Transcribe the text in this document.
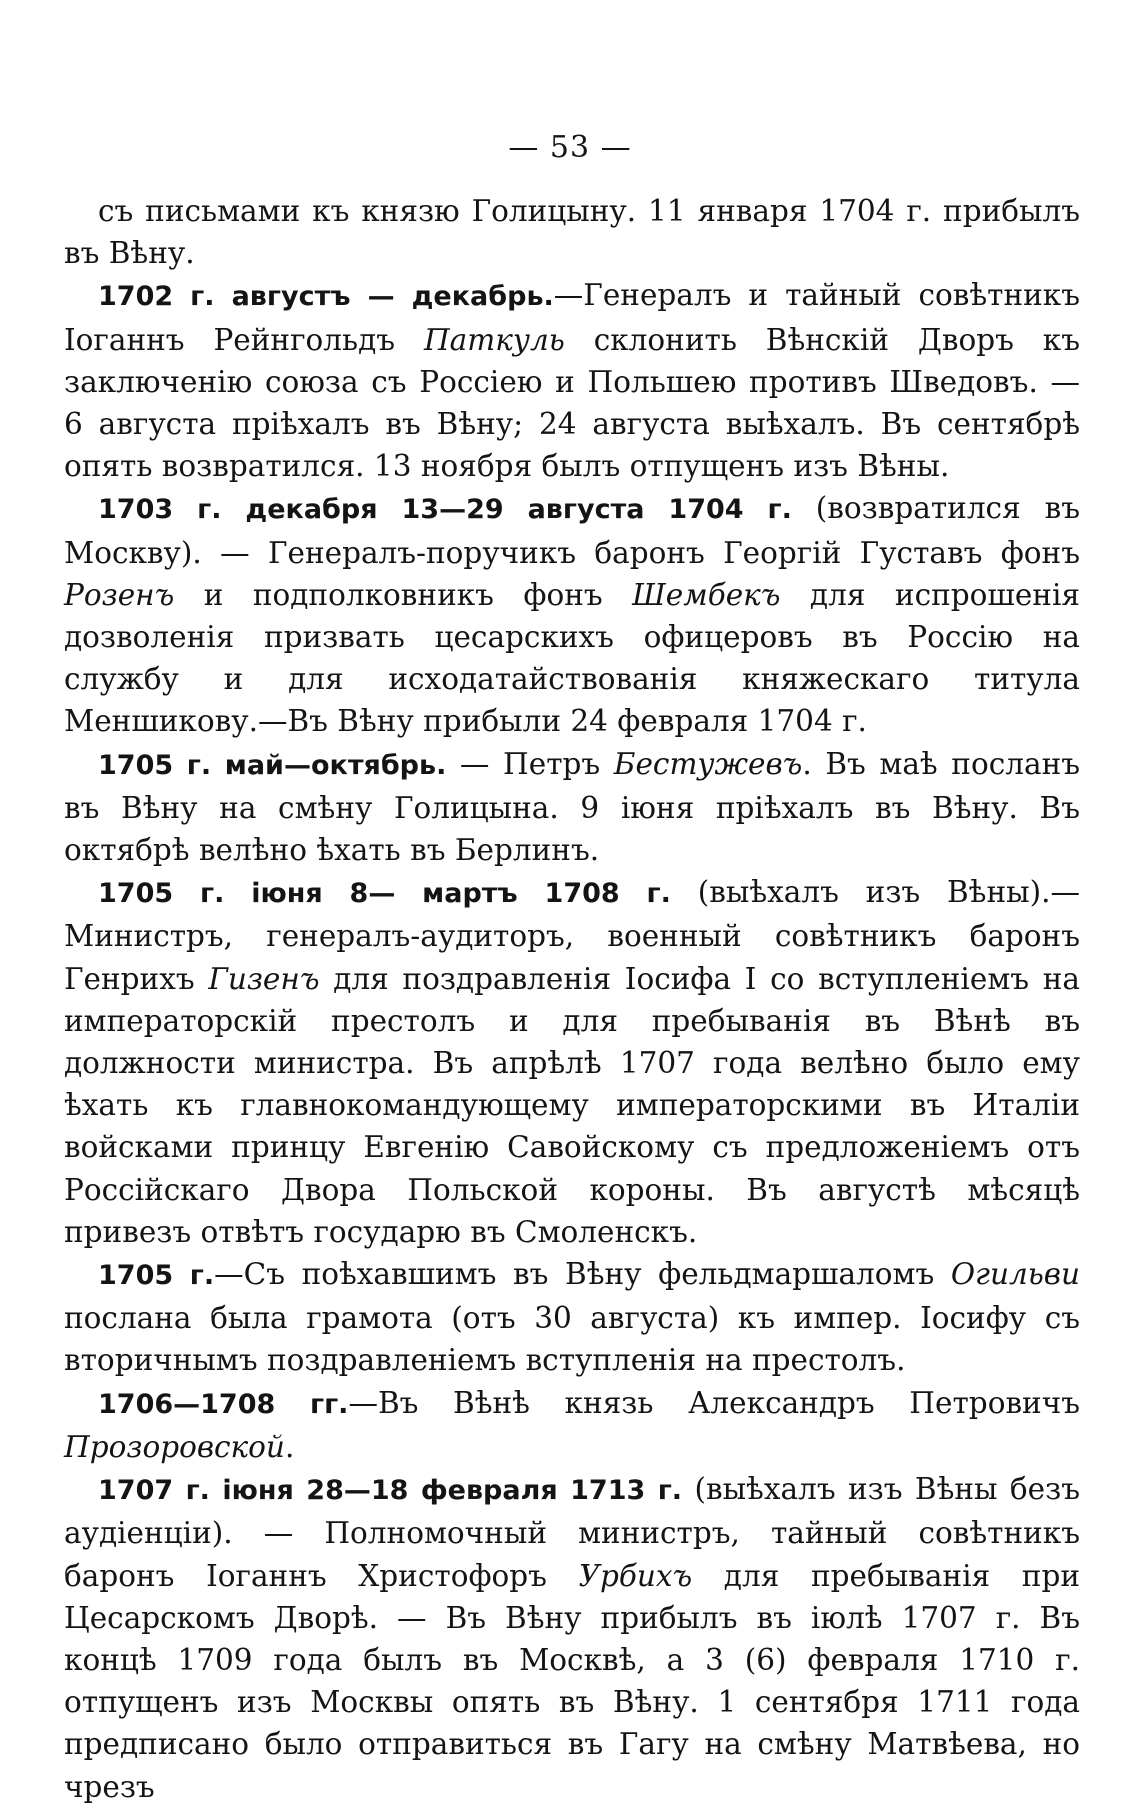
— 53 —

съ письмами къ князю Голицыну. 11 января 1704 г. прибылъ въ Вѣну.

1702 г. августъ — декабрь.—Генералъ и тайный совѣтникъ Іоганнъ Рейнгольдъ Паткуль склонить Вѣнскій Дворъ къ заключенію союза съ Россіею и Польшею противъ Шведовъ. — 6 августа пріѣхалъ въ Вѣну; 24 августа выѣхалъ. Въ сентябрѣ опять возвратился. 13 ноября былъ отпущенъ изъ Вѣны.

1703 г. декабря 13—29 августа 1704 г. (возвратился въ Москву). — Генералъ-поручикъ баронъ Георгій Густавъ фонъ Розенъ и подполковникъ фонъ Шембекъ для испрошенія дозволенія призвать цесарскихъ офицеровъ въ Россію на службу и для исходатайствованія княжескаго титула Меншикову.—Въ Вѣну прибыли 24 февраля 1704 г.

1705 г. май—октябрь. — Петръ Бестужевъ. Въ маѣ посланъ въ Вѣну на смѣну Голицына. 9 іюня пріѣхалъ въ Вѣну. Въ октябрѣ велѣно ѣхать въ Берлинъ.

1705 г. іюня 8— мартъ 1708 г. (выѣхалъ изъ Вѣны).—Министръ, генералъ-аудиторъ, военный совѣтникъ баронъ Генрихъ Гизенъ для поздравленія Іосифа I со вступленіемъ на императорскій престолъ и для пребыванія въ Вѣнѣ въ должности министра. Въ апрѣлѣ 1707 года велѣно было ему ѣхать къ главнокомандующему императорскими въ Италіи войсками принцу Евгенію Савойскому съ предложеніемъ отъ Россійскаго Двора Польской короны. Въ августѣ мѣсяцѣ привезъ отвѣтъ государю въ Смоленскъ.

1705 г.—Съ поѣхавшимъ въ Вѣну фельдмаршаломъ Огильви послана была грамота (отъ 30 августа) къ импер. Іосифу съ вторичнымъ поздравленіемъ вступленія на престолъ.

1706—1708 гг.—Въ Вѣнѣ князь Александръ Петровичъ Прозоровской.

1707 г. іюня 28—18 февраля 1713 г. (выѣхалъ изъ Вѣны безъ аудіенціи). — Полномочный министръ, тайный совѣтникъ баронъ Іоганнъ Христофоръ Урбихъ для пребыванія при Цесарскомъ Дворѣ. — Въ Вѣну прибылъ въ іюлѣ 1707 г. Въ концѣ 1709 года былъ въ Москвѣ, а 3 (6) февраля 1710 г. отпущенъ изъ Москвы опять въ Вѣну. 1 сентября 1711 года предписано было отправиться въ Гагу на смѣну Матвѣева, но чрезъ
